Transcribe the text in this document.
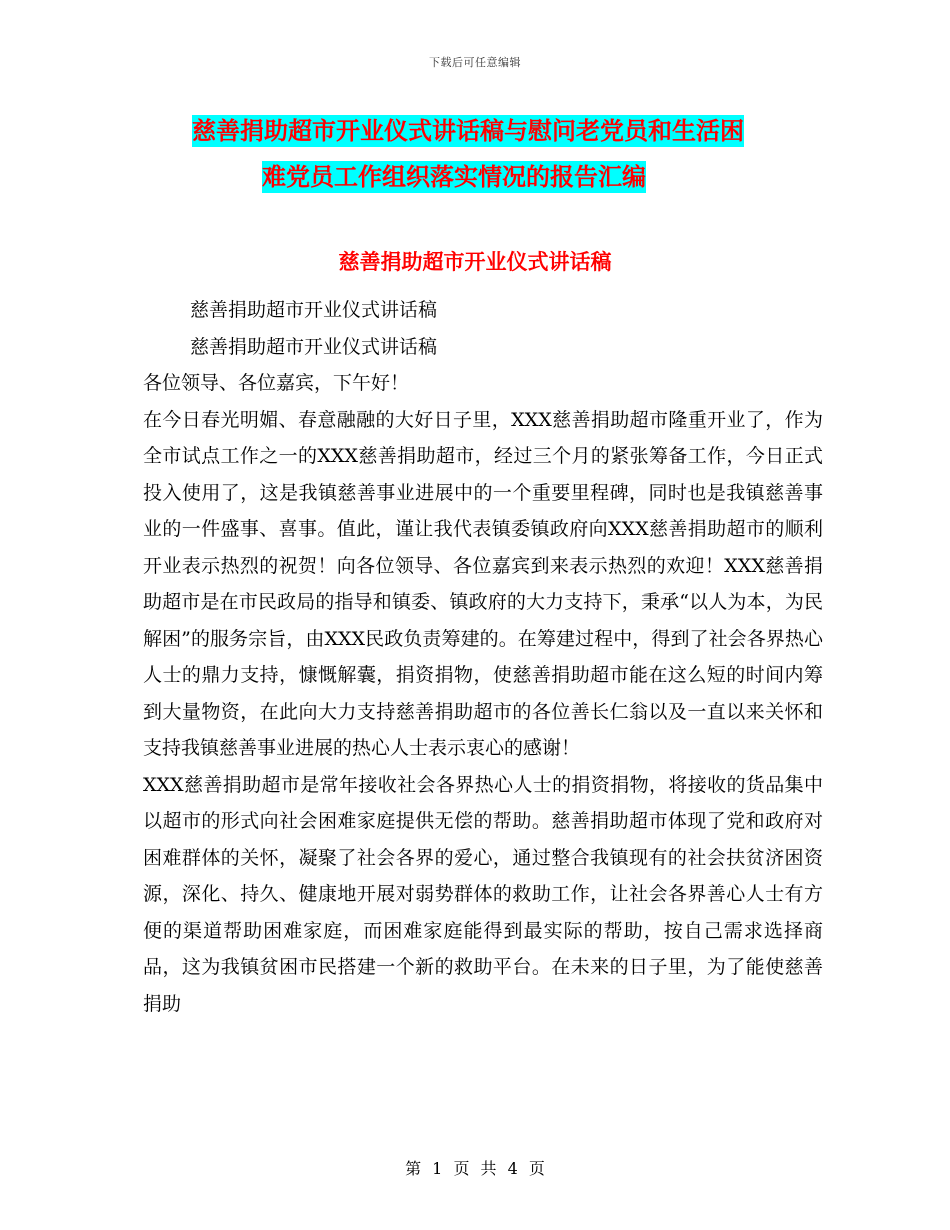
下载后可任意编辑
慈善捐助超市开业仪式讲话稿与慰问老党员和生活困
难党员工作组织落实情况的报告汇编
慈善捐助超市开业仪式讲话稿

慈善捐助超市开业仪式讲话稿

慈善捐助超市开业仪式讲话稿

各位领导、各位嘉宾，下午好！

在今日春光明媚、春意融融的大好日子里，XXX慈善捐助超市隆重开业了，作为全市试点工作之一的XXX慈善捐助超市，经过三个月的紧张筹备工作，今日正式投入使用了，这是我镇慈善事业进展中的一个重要里程碑，同时也是我镇慈善事业的一件盛事、喜事。值此，谨让我代表镇委镇政府向XXX慈善捐助超市的顺利开业表示热烈的祝贺！向各位领导、各位嘉宾到来表示热烈的欢迎！XXX慈善捐助超市是在市民政局的指导和镇委、镇政府的大力支持下，秉承“以人为本，为民解困”的服务宗旨，由XXX民政负责筹建的。在筹建过程中，得到了社会各界热心人士的鼎力支持，慷慨解囊，捐资捐物，使慈善捐助超市能在这么短的时间内筹到大量物资，在此向大力支持慈善捐助超市的各位善长仁翁以及一直以来关怀和支持我镇慈善事业进展的热心人士表示衷心的感谢！

XXX慈善捐助超市是常年接收社会各界热心人士的捐资捐物，将接收的货品集中以超市的形式向社会困难家庭提供无偿的帮助。慈善捐助超市体现了党和政府对困难群体的关怀，凝聚了社会各界的爱心，通过整合我镇现有的社会扶贫济困资源，深化、持久、健康地开展对弱势群体的救助工作，让社会各界善心人士有方便的渠道帮助困难家庭，而困难家庭能得到最实际的帮助，按自己需求选择商品，这为我镇贫困市民搭建一个新的救助平台。在未来的日子里，为了能使慈善捐助

第 1 页 共 4 页
